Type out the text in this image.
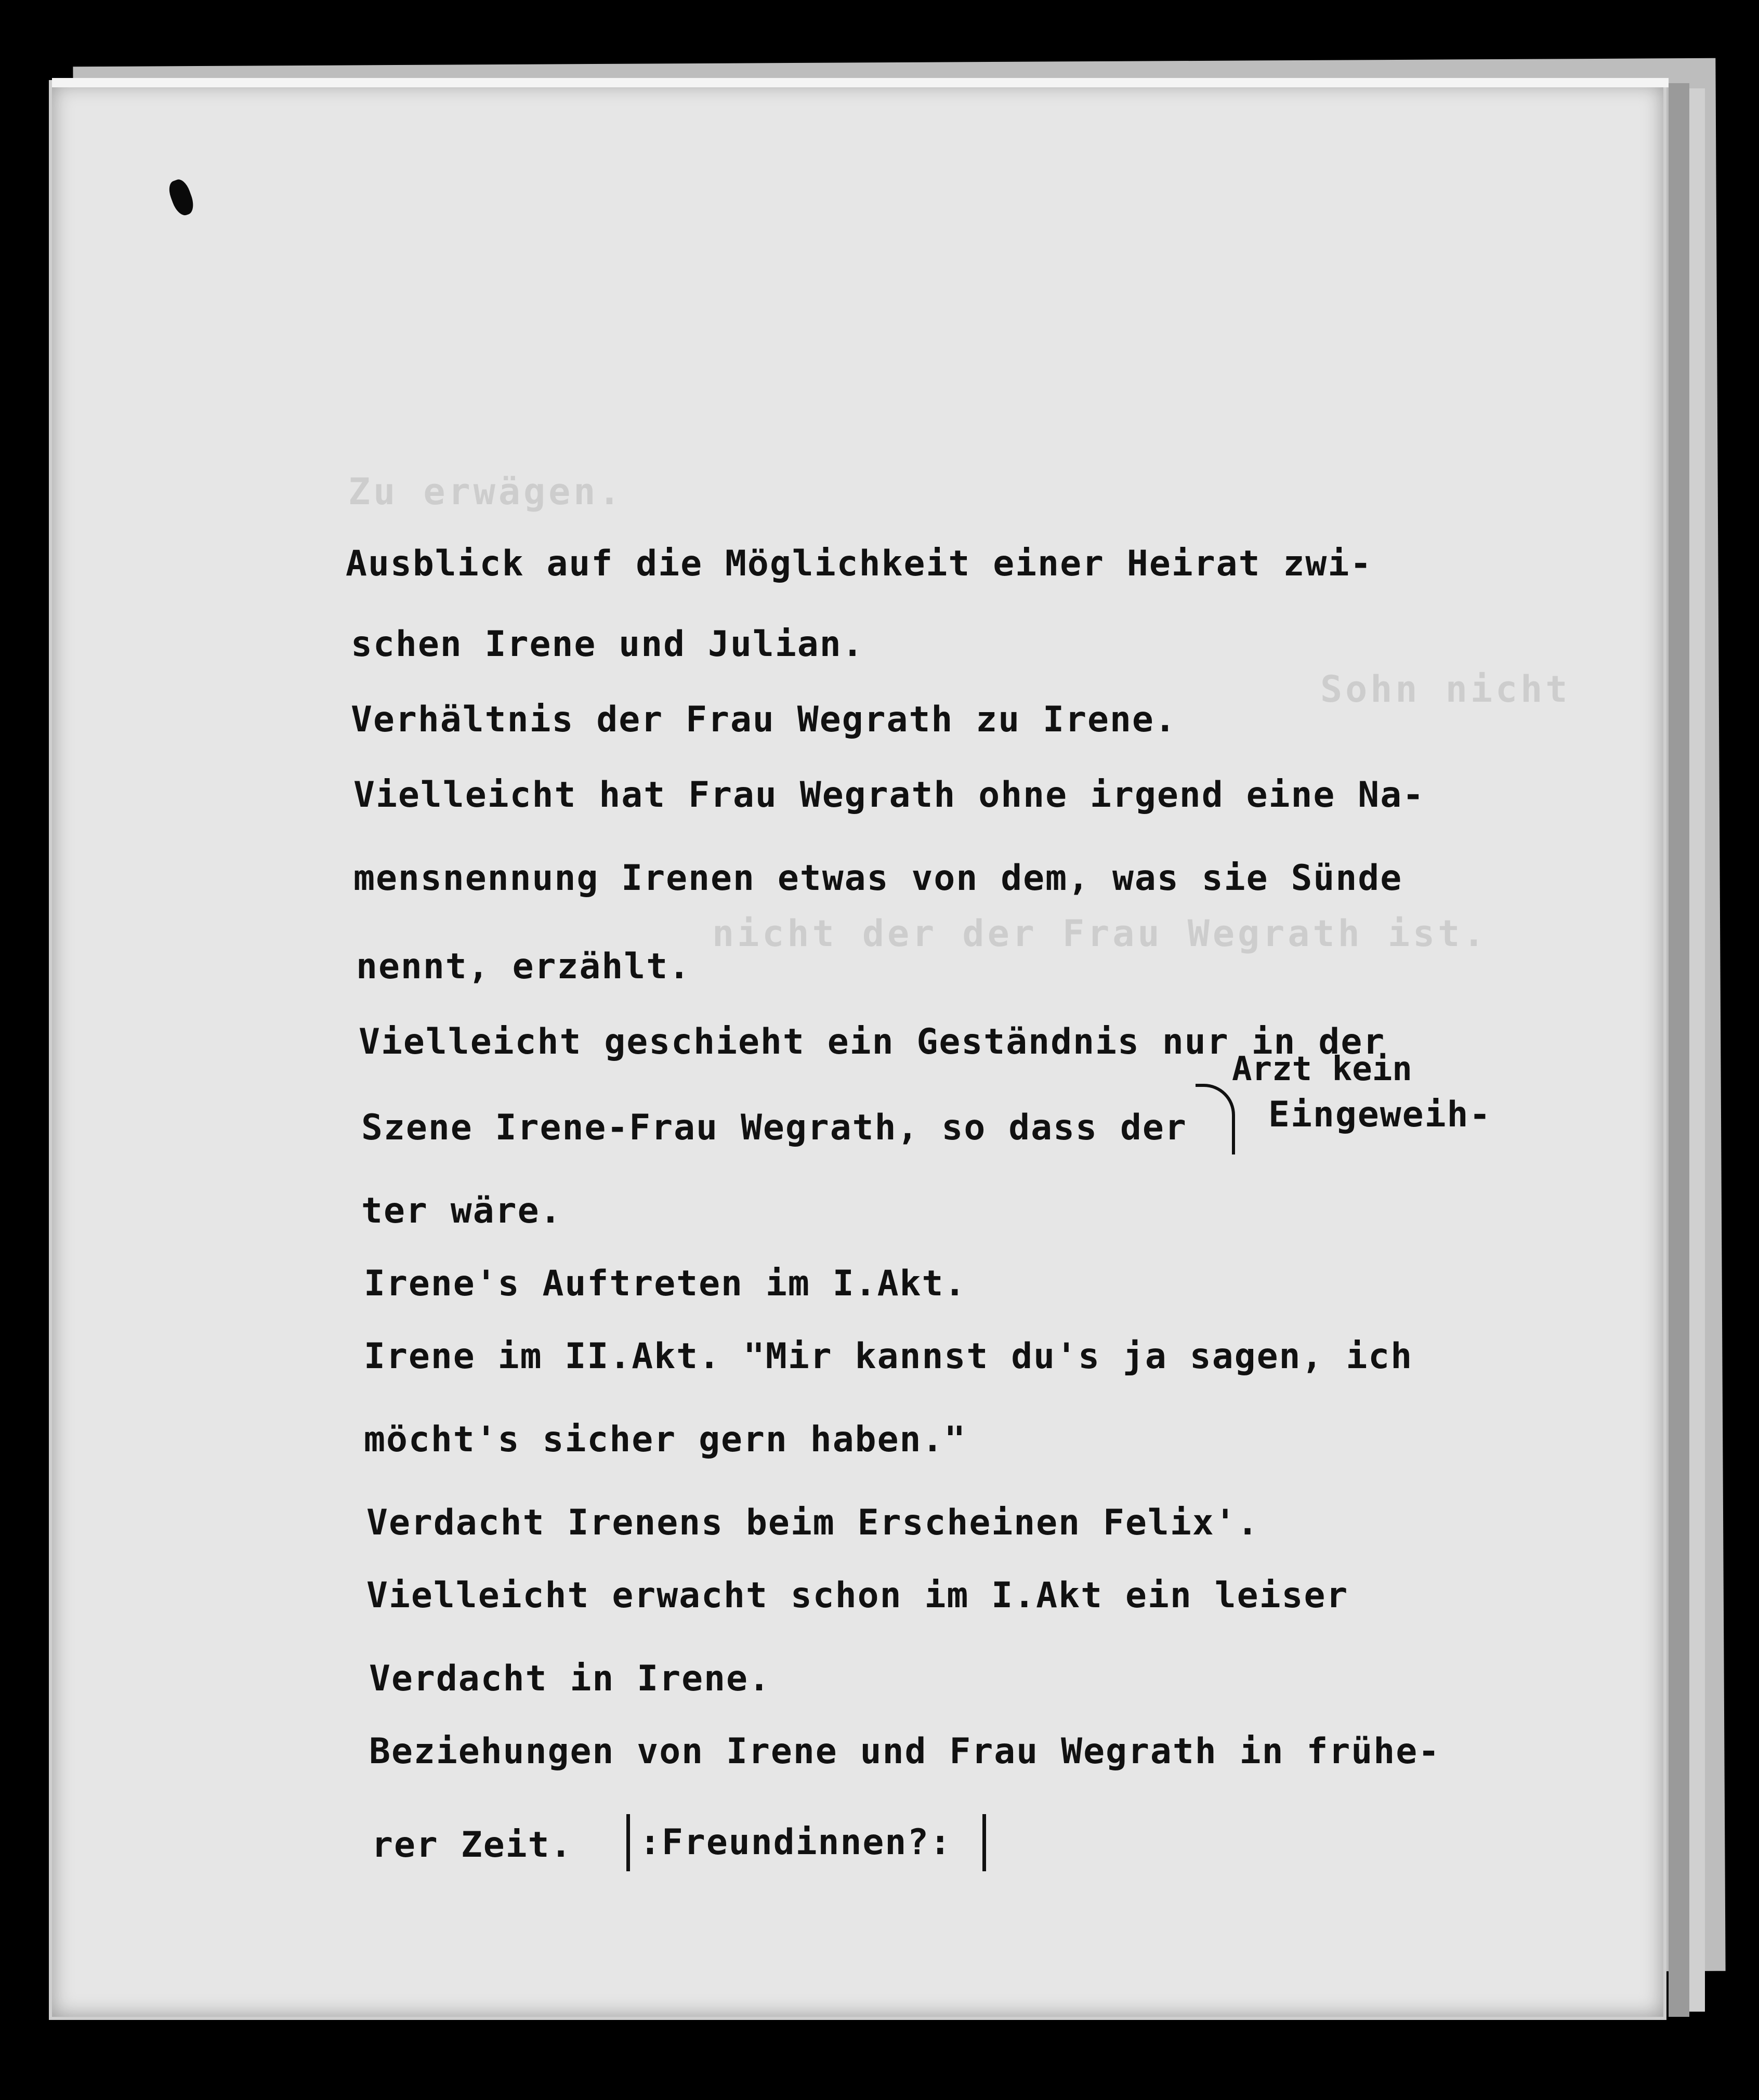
Zu erwägen.
Sohn nicht
nicht der der Frau Wegrath ist.
Ausblick auf die Möglichkeit einer Heirat zwi-
schen Irene und Julian.
Verhältnis der Frau Wegrath zu Irene.
Vielleicht hat Frau Wegrath ohne irgend eine Na-
mensnennung Irenen etwas von dem, was sie Sünde
nennt, erzählt.
Vielleicht geschieht ein Geständnis nur in der
Arzt kein
Szene Irene-Frau Wegrath, so dass der Eingeweih-
ter wäre.
Irene's Auftreten im I.Akt.
Irene im II.Akt. "Mir kannst du's ja sagen, ich
möcht's sicher gern haben."
Verdacht Irenens beim Erscheinen Felix'.
Vielleicht erwacht schon im I.Akt ein leiser
Verdacht in Irene.
Beziehungen von Irene und Frau Wegrath in frühe-
rer Zeit. :Freundinnen?:
